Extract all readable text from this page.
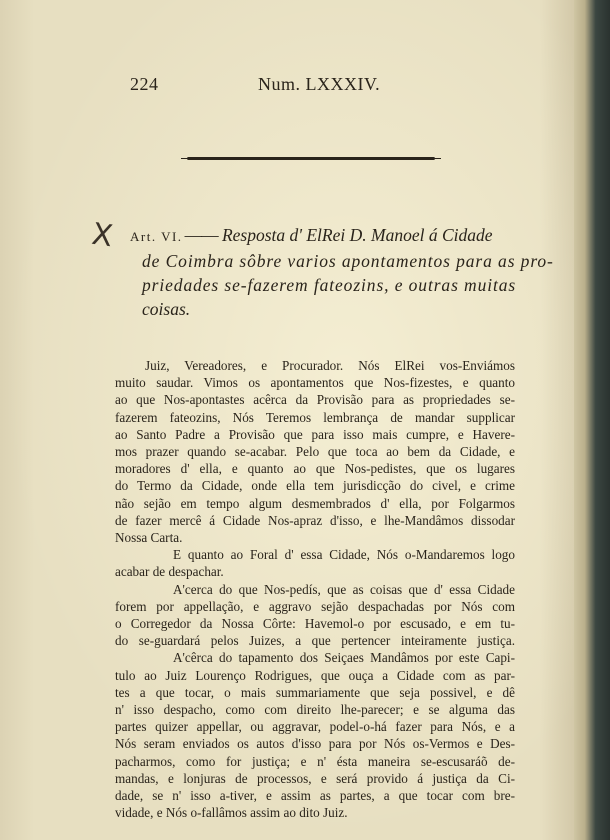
224	Num. LXXXIV.
X Art. VI. —— Resposta d' ElRei D. Manoel á Cidade
de Coimbra sôbre varios apontamentos para as pro-
priedades se-fazerem fateozins, e outras muitas
coisas.
Juiz, Vereadores, e Procurador. Nós ElRei vos-Enviámos
muito saudar. Vimos os apontamentos que Nos-fizestes, e quanto
ao que Nos-apontastes acêrca da Provisão para as propriedades se-
fazerem fateozins, Nós Teremos lembrança de mandar supplicar
ao Santo Padre a Provisão que para isso mais cumpre, e Havere-
mos prazer quando se-acabar. Pelo que toca ao bem da Cidade, e
moradores d' ella, e quanto ao que Nos-pedistes, que os lugares
do Termo da Cidade, onde ella tem jurisdicção do civel, e crime
não sejão em tempo algum desmembrados d' ella, por Folgarmos
de fazer mercê á Cidade Nos-apraz d'isso, e lhe-Mandâmos dissodar
Nossa Carta.
E quanto ao Foral d' essa Cidade, Nós o-Mandaremos logo
acabar de despachar.
A'cerca do que Nos-pedís, que as coisas que d' essa Cidade
forem por appellação, e aggravo sejão despachadas por Nós com
o Corregedor da Nossa Côrte: Havemol-o por escusado, e em tu-
do se-guardará pelos Juizes, a que pertencer inteiramente justiça.
A'cêrca do tapamento dos Seiçaes Mandâmos por este Capi-
tulo ao Juiz Lourenço Rodrigues, que ouça a Cidade com as par-
tes a que tocar, o mais summariamente que seja possivel, e dê
n' isso despacho, como com direito lhe-parecer; e se alguma das
partes quizer appellar, ou aggravar, podel-o-há fazer para Nós, e a
Nós seram enviados os autos d'isso para por Nós os-Vermos e Des-
pacharmos, como for justiça; e n' ésta maneira se-escusaráõ de-
mandas, e lonjuras de processos, e será provido á justiça da Ci-
dade, se n' isso a-tiver, e assim as partes, a que tocar com bre-
vidade, e Nós o-fallâmos assim ao dito Juiz.
